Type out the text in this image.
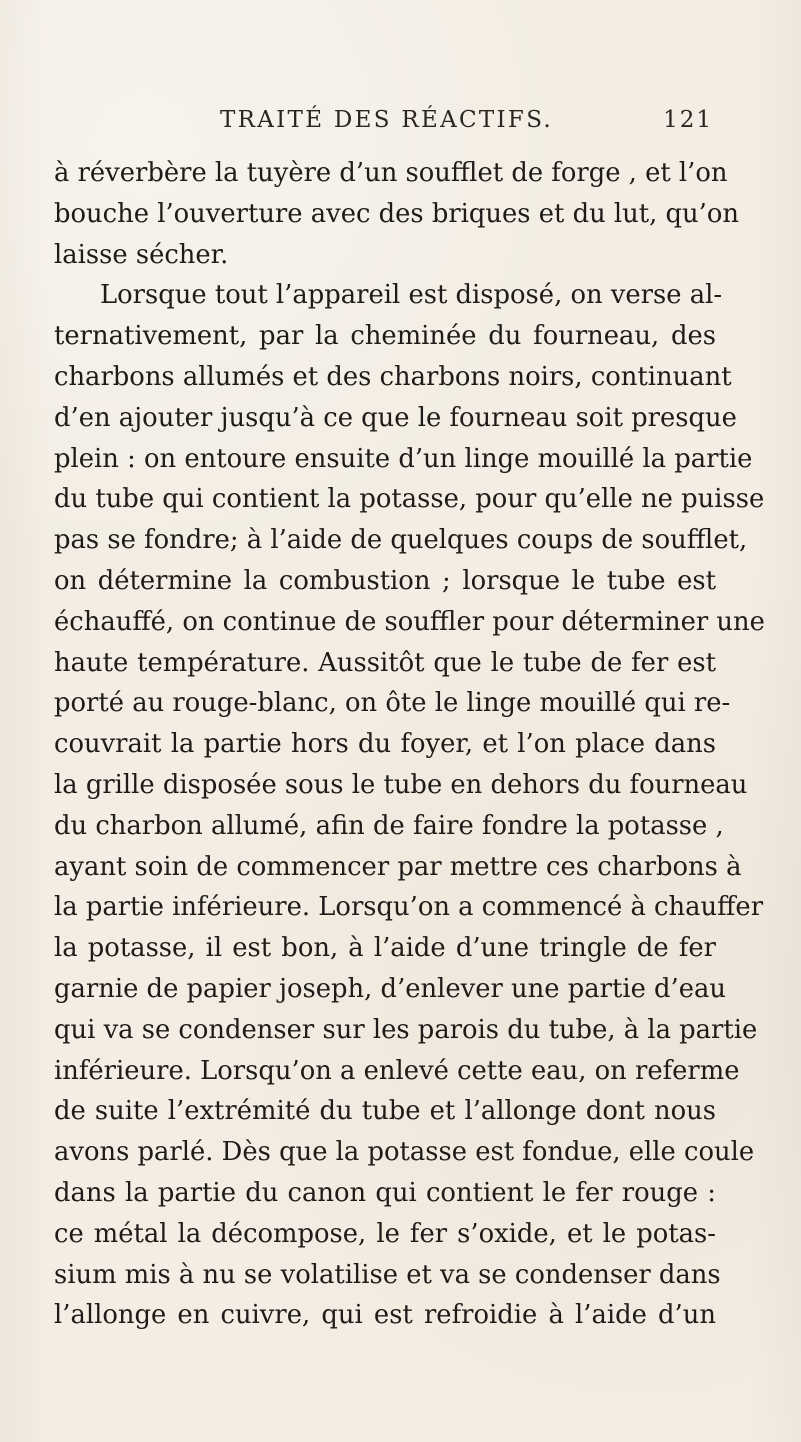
TRAITÉ DES RÉACTIFS.	121
à réverbère la tuyère d’un soufflet de forge , et l’on
bouche l’ouverture avec des briques et du lut, qu’on
laisse sécher.
Lorsque tout l’appareil est disposé, on verse al-
ternativement, par la cheminée du fourneau, des
charbons allumés et des charbons noirs, continuant
d’en ajouter jusqu’à ce que le fourneau soit presque
plein : on entoure ensuite d’un linge mouillé la partie
du tube qui contient la potasse, pour qu’elle ne puisse
pas se fondre; à l’aide de quelques coups de soufflet,
on détermine la combustion ; lorsque le tube est
échauffé, on continue de souffler pour déterminer une
haute température. Aussitôt que le tube de fer est
porté au rouge-blanc, on ôte le linge mouillé qui re-
couvrait la partie hors du foyer, et l’on place dans
la grille disposée sous le tube en dehors du fourneau
du charbon allumé, afin de faire fondre la potasse ,
ayant soin de commencer par mettre ces charbons à
la partie inférieure. Lorsqu’on a commencé à chauffer
la potasse, il est bon, à l’aide d’une tringle de fer
garnie de papier joseph, d’enlever une partie d’eau
qui va se condenser sur les parois du tube, à la partie
inférieure. Lorsqu’on a enlevé cette eau, on referme
de suite l’extrémité du tube et l’allonge dont nous
avons parlé. Dès que la potasse est fondue, elle coule
dans la partie du canon qui contient le fer rouge :
ce métal la décompose, le fer s’oxide, et le potas-
sium mis à nu se volatilise et va se condenser dans
l’allonge en cuivre, qui est refroidie à l’aide d’un
